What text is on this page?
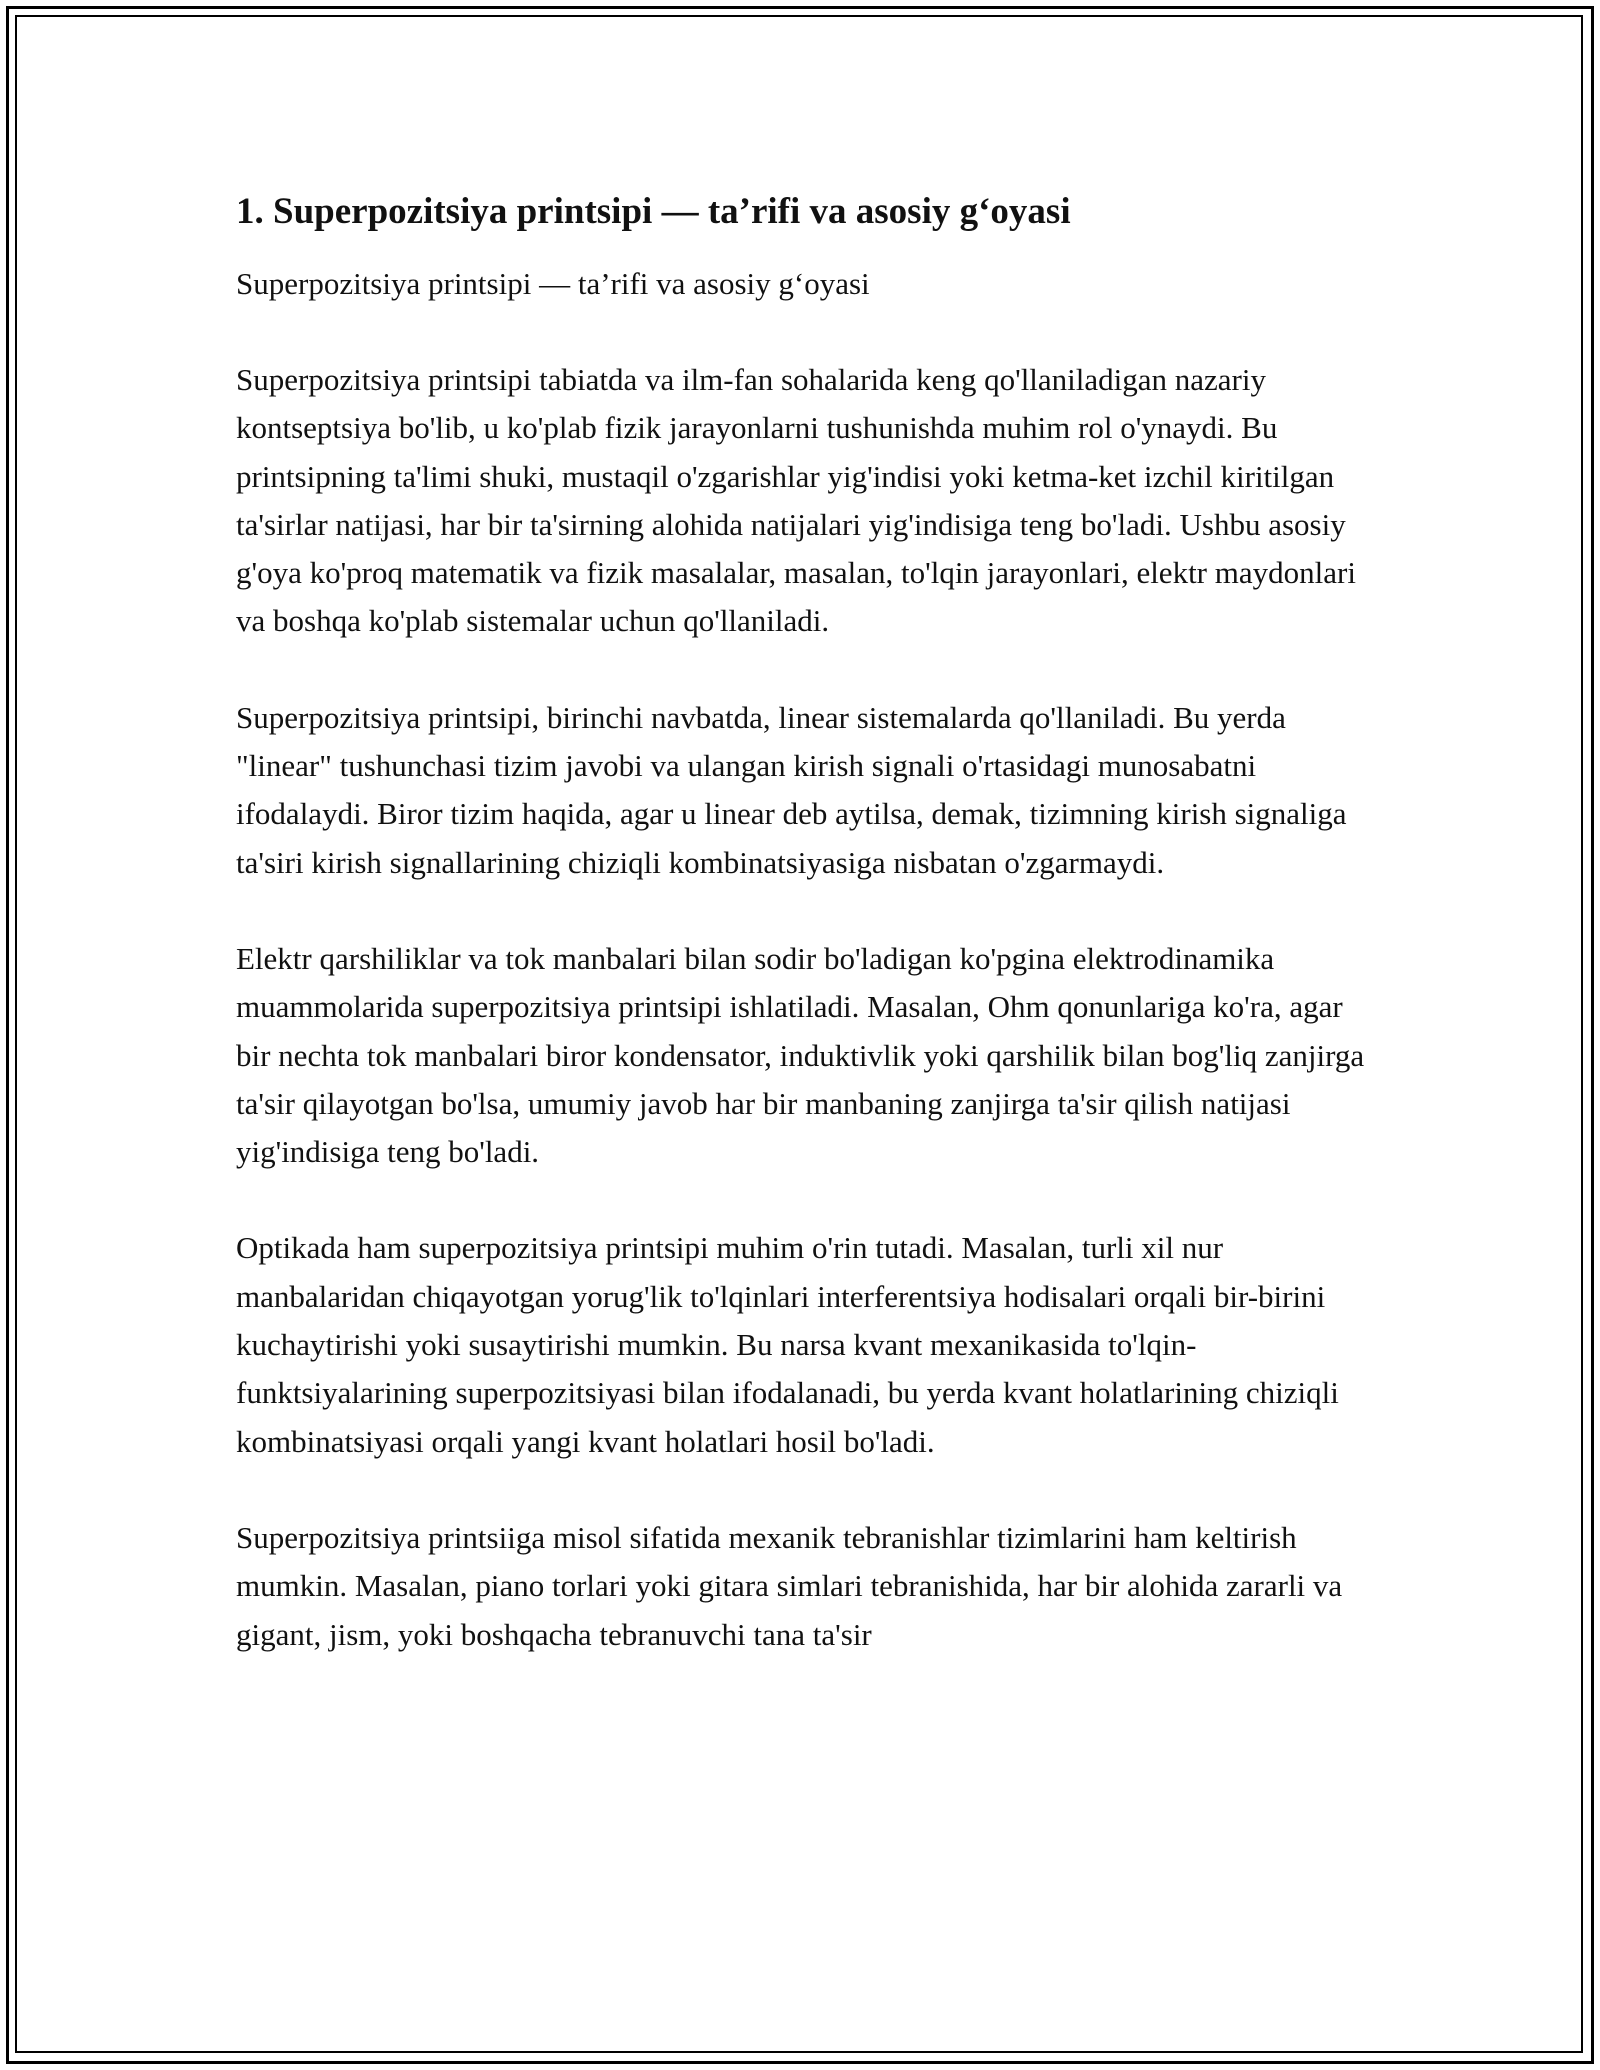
1. Superpozitsiya printsipi — ta’rifi va asosiy g‘oyasi

Superpozitsiya printsipi — ta’rifi va asosiy g‘oyasi

Superpozitsiya printsipi tabiatda va ilm-fan sohalarida keng qo'llaniladigan nazariy kontseptsiya bo'lib, u ko'plab fizik jarayonlarni tushunishda muhim rol o'ynaydi. Bu printsipning ta'limi shuki, mustaqil o'zgarishlar yig'indisi yoki ketma-ket izchil kiritilgan ta'sirlar natijasi, har bir ta'sirning alohida natijalari yig'indisiga teng bo'ladi. Ushbu asosiy g'oya ko'proq matematik va fizik masalalar, masalan, to'lqin jarayonlari, elektr maydonlari va boshqa ko'plab sistemalar uchun qo'llaniladi.

Superpozitsiya printsipi, birinchi navbatda, linear sistemalarda qo'llaniladi. Bu yerda "linear" tushunchasi tizim javobi va ulangan kirish signali o'rtasidagi munosabatni ifodalaydi. Biror tizim haqida, agar u linear deb aytilsa, demak, tizimning kirish signaliga ta'siri kirish signallarining chiziqli kombinatsiyasiga nisbatan o'zgarmaydi.

Elektr qarshiliklar va tok manbalari bilan sodir bo'ladigan ko'pgina elektrodinamika muammolarida superpozitsiya printsipi ishlatiladi. Masalan, Ohm qonunlariga ko'ra, agar bir nechta tok manbalari biror kondensator, induktivlik yoki qarshilik bilan bog'liq zanjirga ta'sir qilayotgan bo'lsa, umumiy javob har bir manbaning zanjirga ta'sir qilish natijasi yig'indisiga teng bo'ladi.

Optikada ham superpozitsiya printsipi muhim o'rin tutadi. Masalan, turli xil nur manbalaridan chiqayotgan yorug'lik to'lqinlari interferentsiya hodisalari orqali bir-birini kuchaytirishi yoki susaytirishi mumkin. Bu narsa kvant mexanikasida to'lqin-funktsiyalarining superpozitsiyasi bilan ifodalanadi, bu yerda kvant holatlarining chiziqli kombinatsiyasi orqali yangi kvant holatlari hosil bo'ladi.

Superpozitsiya printsiiga misol sifatida mexanik tebranishlar tizimlarini ham keltirish mumkin. Masalan, piano torlari yoki gitara simlari tebranishida, har bir alohida zararli va gigant, jism, yoki boshqacha tebranuvchi tana ta'sir
